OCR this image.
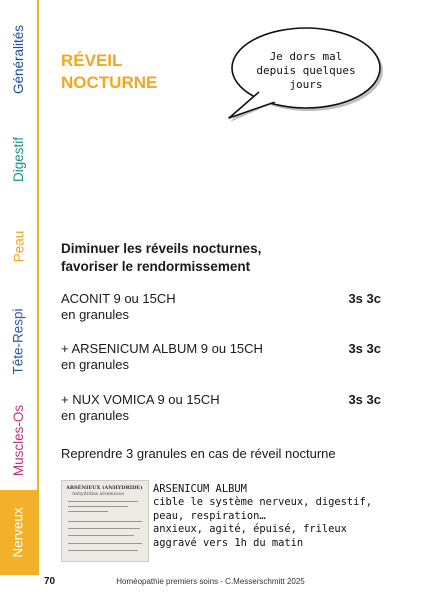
Généralités
Digestif
Peau
Tête-Respi
Muscles-Os
Nerveux
RÉVEIL
NOCTURNE
Je dors mal
depuis quelques
jours
Diminuer les réveils nocturnes,
favoriser le rendormissement
ACONIT 9 ou 15CH
en granules
3s 3c
+ ARSENICUM ALBUM 9 ou 15CH
en granules
3s 3c
+ NUX VOMICA 9 ou 15CH
en granules
3s 3c
Reprendre 3 granules en cas de réveil nocturne
ARSÉNIEUX (ANHYDRIDE)
Anhydridus arseniosus	ARSENICUM ALBUM
cible le système nerveux, digestif,
peau, respiration…
anxieux, agité, épuisé, frileux
aggravé vers 1h du matin
70	Homéopathie premiers soins - C.Messerschmitt 2025
